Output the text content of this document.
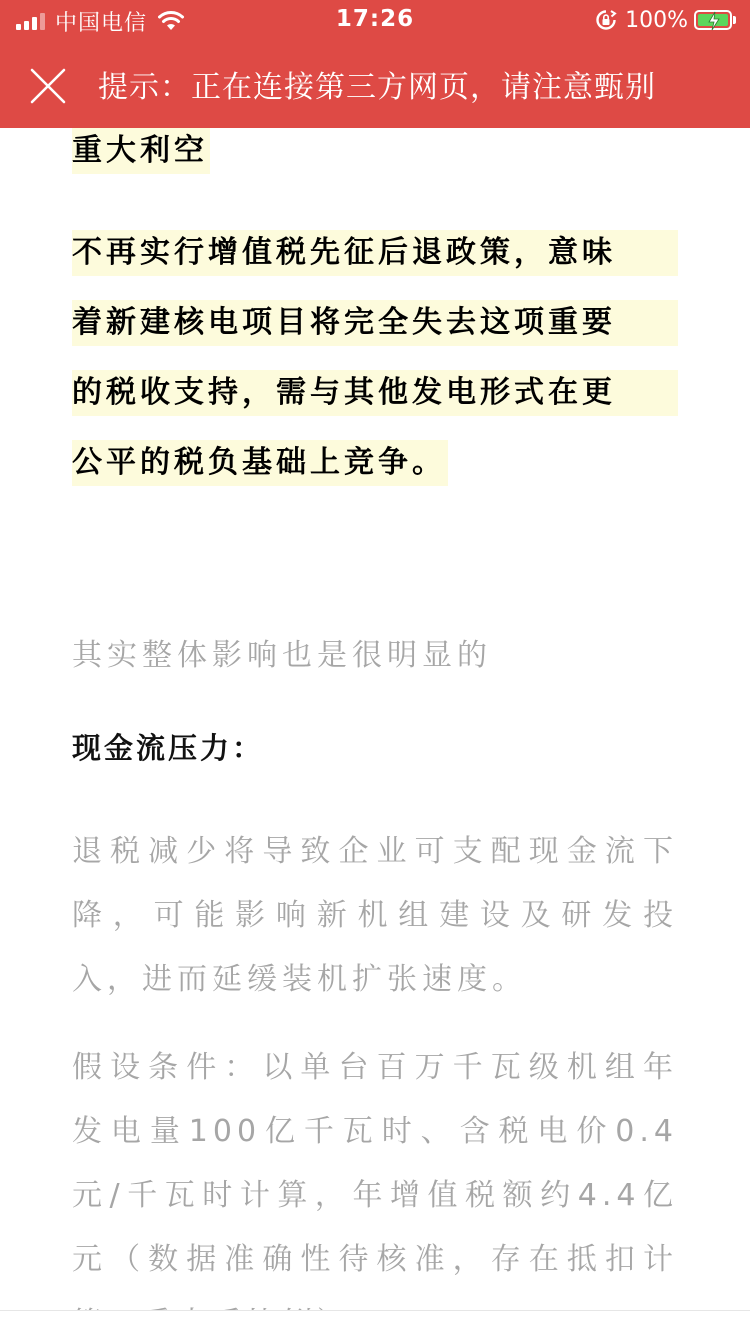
中国电信	17:26	100%
提示：正在连接第三方网页，请注意甄别
重大利空
不再实行增值税先征后退政策，意味
着新建核电项目将完全失去这项重要
的税收支持，需与其他发电形式在更
公平的税负基础上竞争。
其实整体影响也是很明显的
现金流压力：
退税减少将导致企业可支配现金流下
降，可能影响新机组建设及研发投
入，进而延缓装机扩张速度。
假设条件：以单台百万千瓦级机组年
发电量100亿千瓦时、含税电价0.4
元/千瓦时计算，年增值税额约4.4亿
元（数据准确性待核准，存在抵扣计
